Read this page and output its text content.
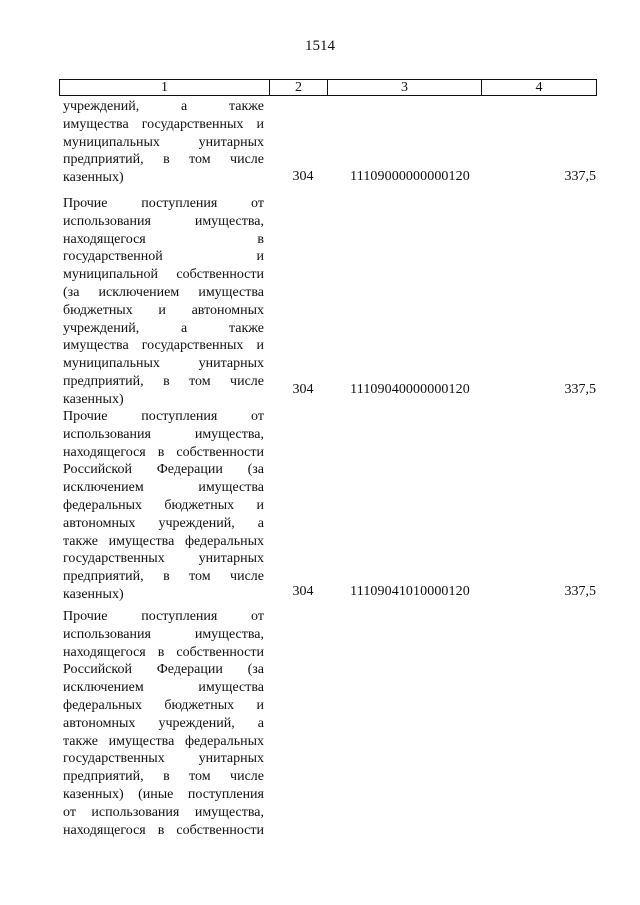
1514
1	2	3	4
учреждений, а также
имущества государственных и
муниципальных унитарных
предприятий, в том числе
казенных)	304	11109000000000120	337,5
Прочие поступления от
использования имущества,
находящегося в
государственной и
муниципальной собственности
(за исключением имущества
бюджетных и автономных
учреждений, а также
имущества государственных и
муниципальных унитарных
предприятий, в том числе
казенных)
304	11109040000000120	337,5
Прочие поступления от
использования имущества,
находящегося в собственности
Российской Федерации (за
исключением имущества
федеральных бюджетных и
автономных учреждений, а
также имущества федеральных
государственных унитарных
предприятий, в том числе
казенных)	304	11109041010000120	337,5
Прочие поступления от
использования имущества,
находящегося в собственности
Российской Федерации (за
исключением имущества
федеральных бюджетных и
автономных учреждений, а
также имущества федеральных
государственных унитарных
предприятий, в том числе
казенных) (иные поступления
от использования имущества,
находящегося в собственности
